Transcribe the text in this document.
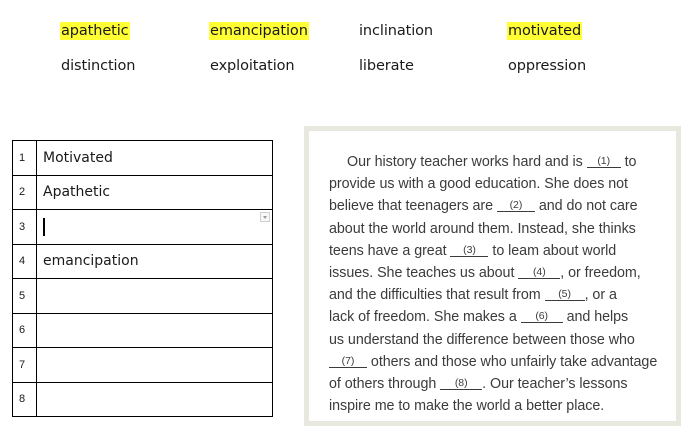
apathetic	emancipation	inclination	motivated
distinction	exploitation	liberate	oppression
1	Motivated
2	Apathetic
3	

4	emancipation
5	
6	
7	
8	
Our history teacher works hard and is (1) to
provide us with a good education. She does not
believe that teenagers are (2) and do not care
about the world around them. Instead, she thinks
teens have a great (3) to leam about world
issues. She teaches us about (4) , or freedom,
and the difficulties that result from (5) , or a
lack of freedom. She makes a (6) and helps
us understand the difference between those who
(7) others and those who unfairly take advantage
of others through (8) . Our teacher’s lessons
inspire me to make the world a better place.
